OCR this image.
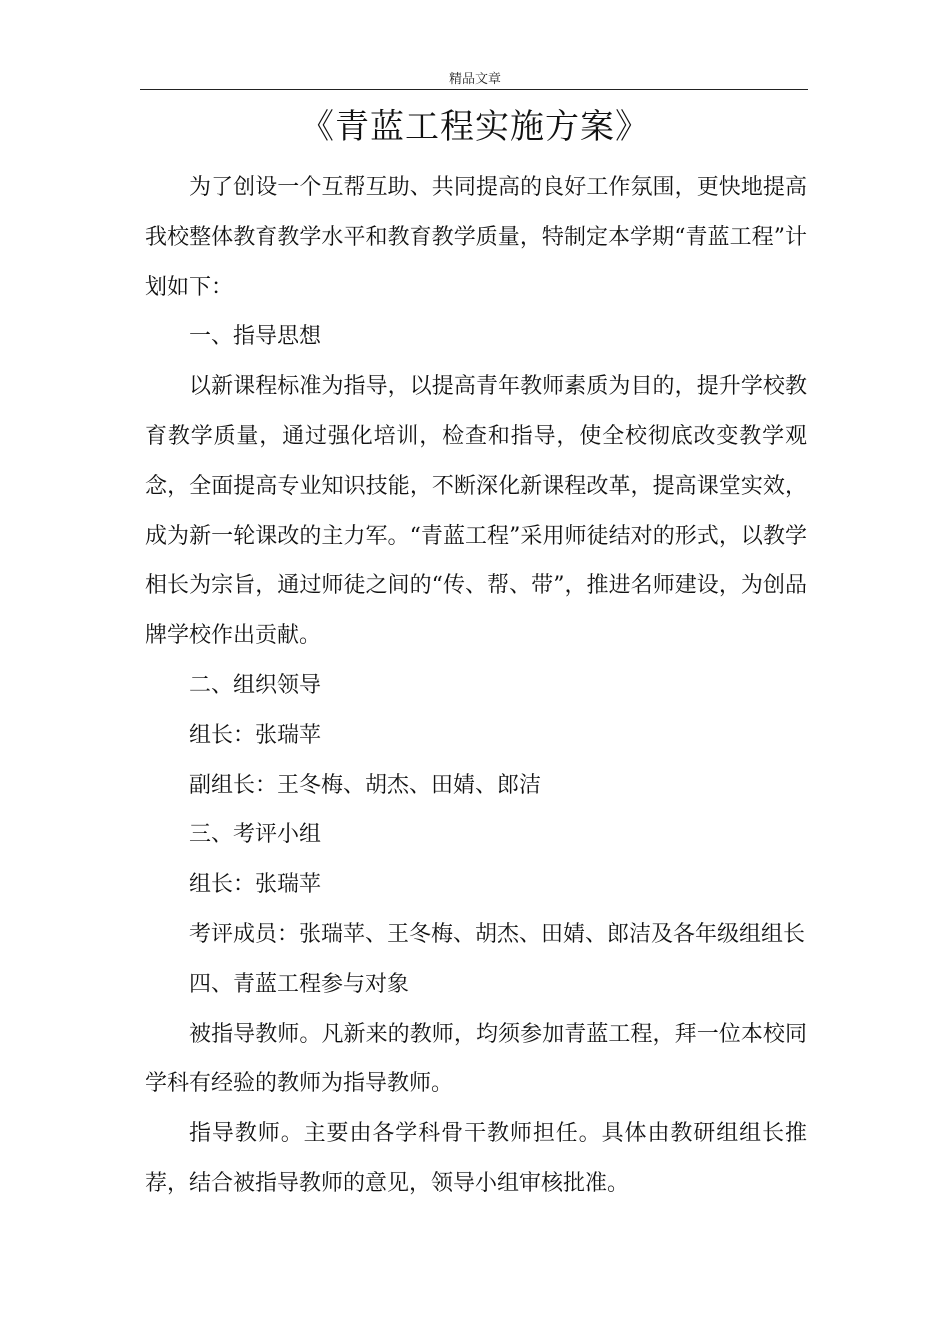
精品文章
《青蓝工程实施方案》

为了创设一个互帮互助、共同提高的良好工作氛围，更快地提高我校整体教育教学水平和教育教学质量，特制定本学期“青蓝工程”计划如下：

一、指导思想

以新课程标准为指导，以提高青年教师素质为目的，提升学校教育教学质量，通过强化培训，检查和指导，使全校彻底改变教学观念，全面提高专业知识技能，不断深化新课程改革，提高课堂实效，成为新一轮课改的主力军。“青蓝工程”采用师徒结对的形式，以教学相长为宗旨，通过师徒之间的“传、帮、带”，推进名师建设，为创品牌学校作出贡献。

二、组织领导

组长：张瑞苹

副组长：王冬梅、胡杰、田婧、郎洁

三、考评小组

组长：张瑞苹

考评成员：张瑞苹、王冬梅、胡杰、田婧、郎洁及各年级组组长

四、青蓝工程参与对象

被指导教师。凡新来的教师，均须参加青蓝工程，拜一位本校同学科有经验的教师为指导教师。

指导教师。主要由各学科骨干教师担任。具体由教研组组长推荐，结合被指导教师的意见，领导小组审核批准。
